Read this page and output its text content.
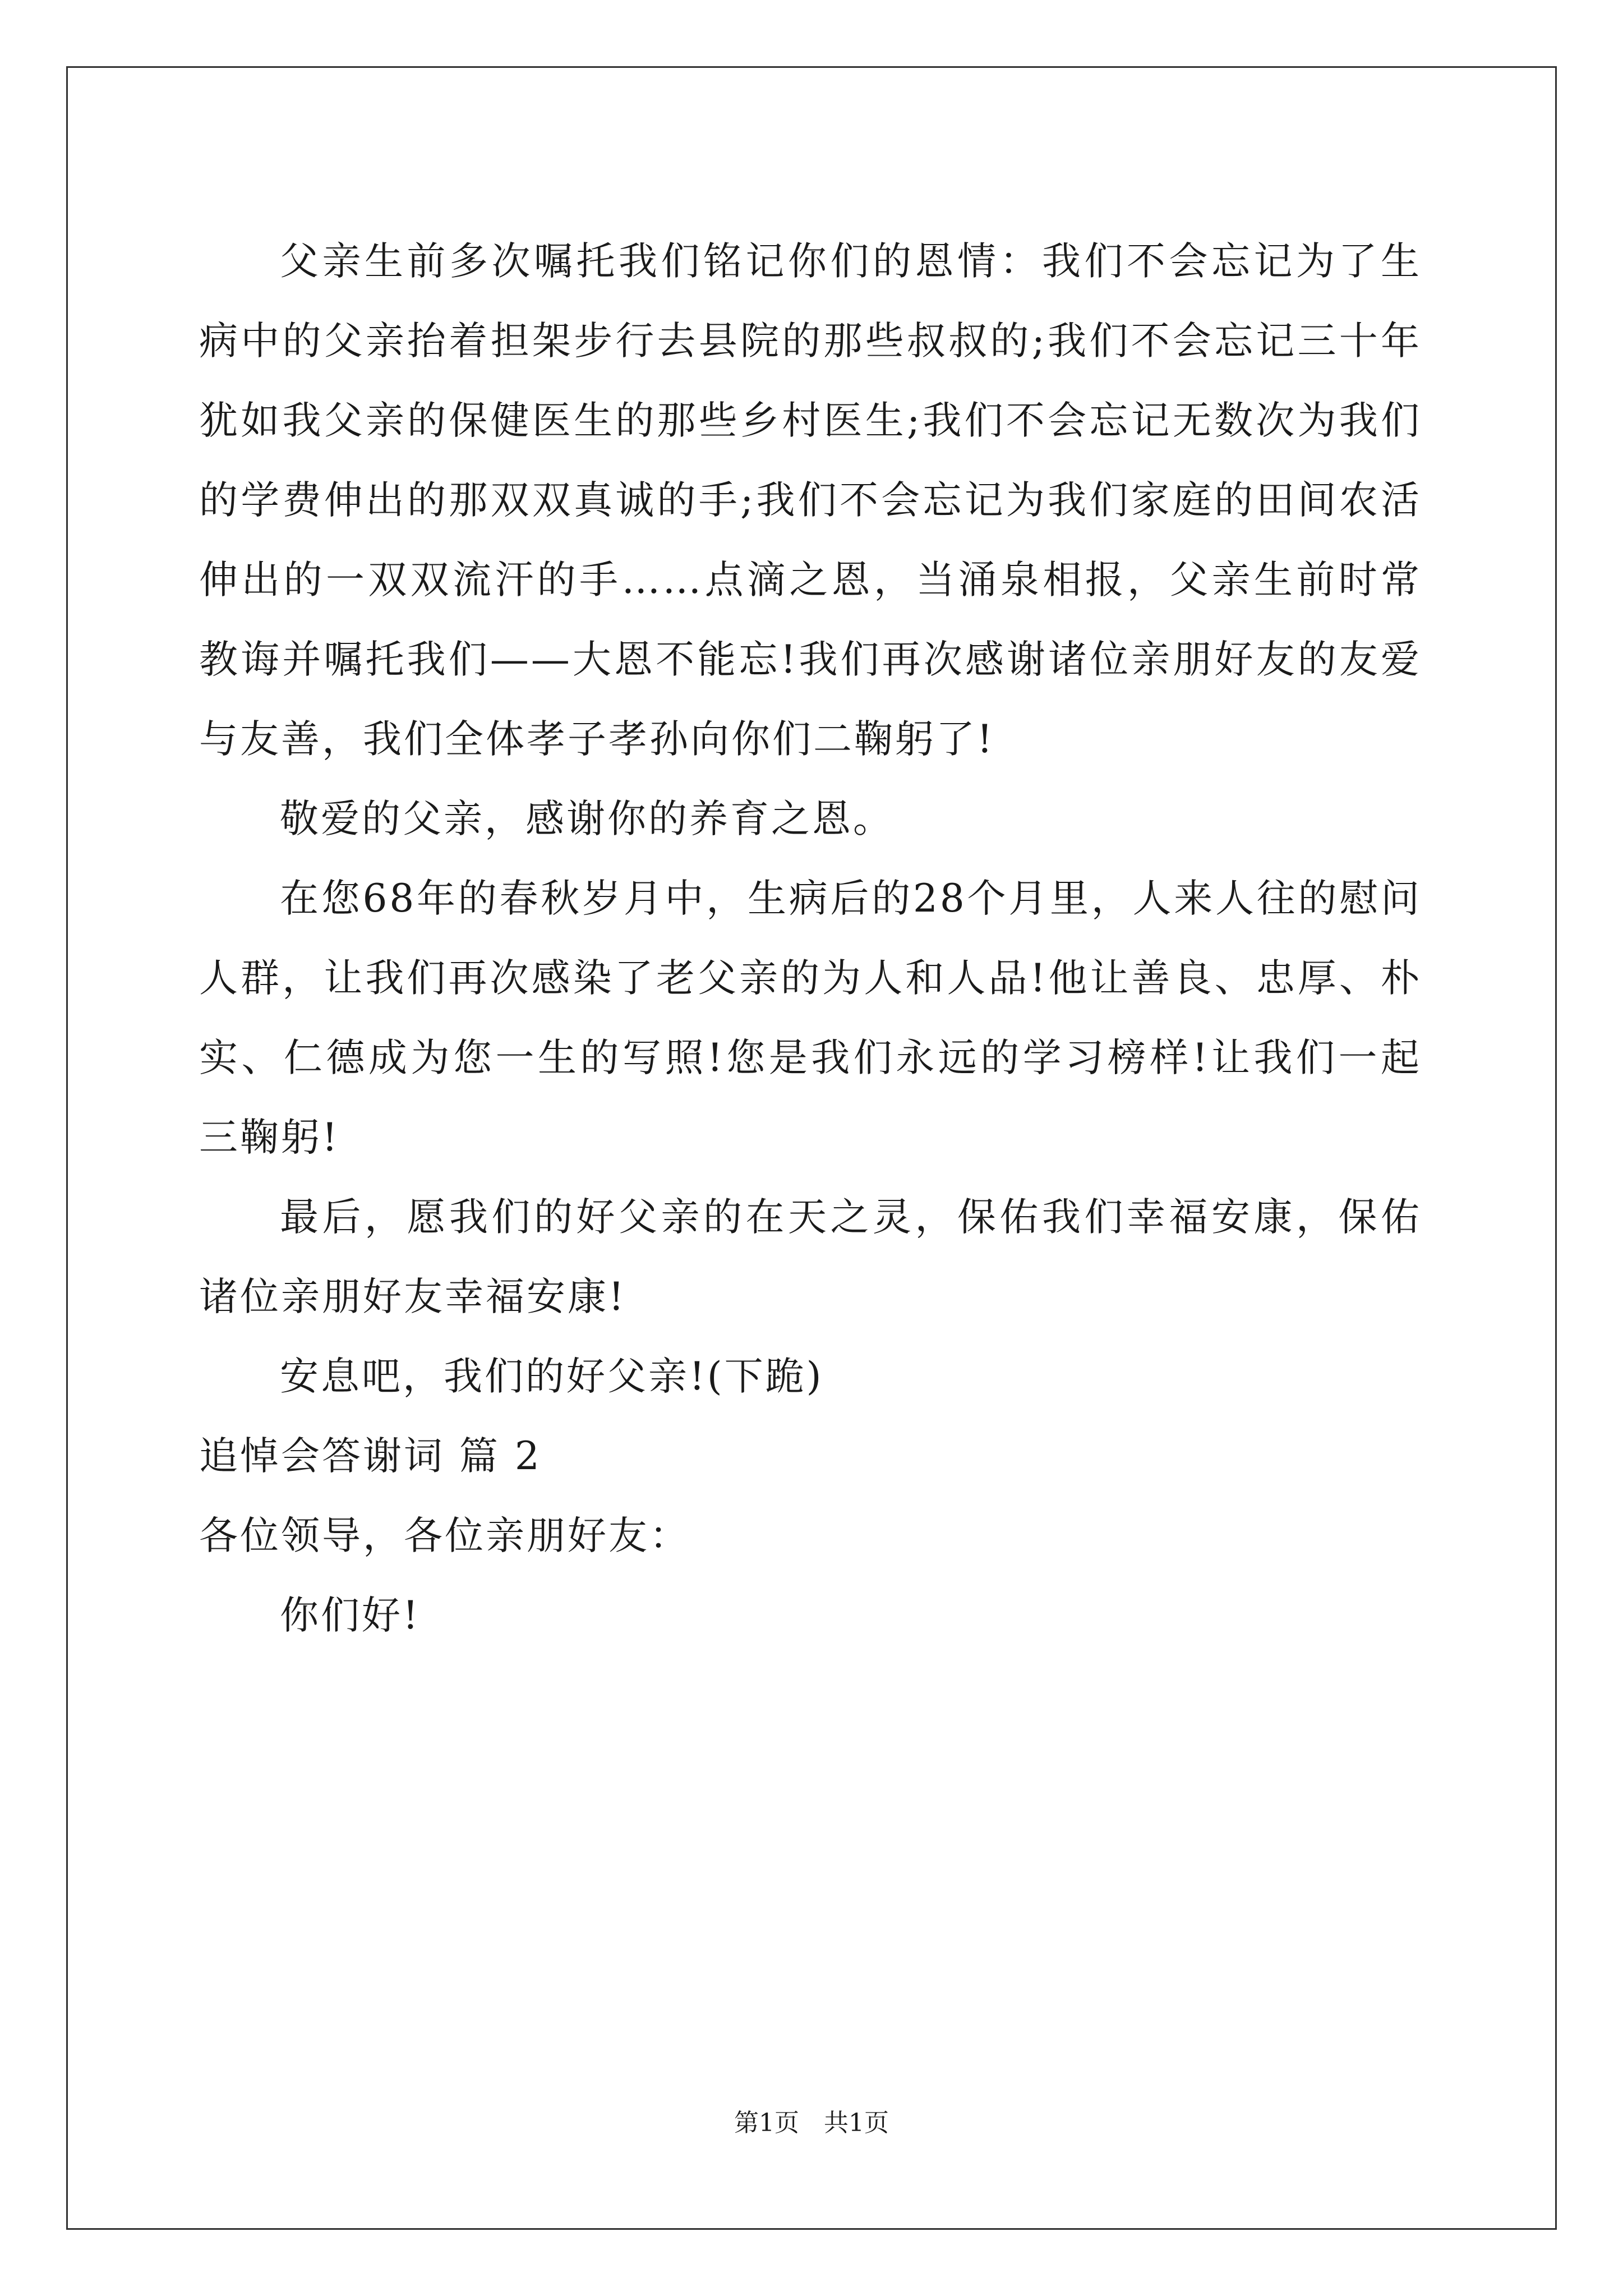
父亲生前多次嘱托我们铭记你们的恩情：我们不会忘记为了生病中的父亲抬着担架步行去县院的那些叔叔的;我们不会忘记三十年犹如我父亲的保健医生的那些乡村医生;我们不会忘记无数次为我们的学费伸出的那双双真诚的手;我们不会忘记为我们家庭的田间农活伸出的一双双流汗的手……点滴之恩，当涌泉相报，父亲生前时常教诲并嘱托我们——大恩不能忘!我们再次感谢诸位亲朋好友的友爱与友善，我们全体孝子孝孙向你们二鞠躬了!

敬爱的父亲，感谢你的养育之恩。

在您68年的春秋岁月中，生病后的28个月里，人来人往的慰问人群，让我们再次感染了老父亲的为人和人品!他让善良、忠厚、朴实、仁德成为您一生的写照!您是我们永远的学习榜样!让我们一起三鞠躬!

最后，愿我们的好父亲的在天之灵，保佑我们幸福安康，保佑诸位亲朋好友幸福安康!

安息吧，我们的好父亲!(下跪)

追悼会答谢词 篇 2

各位领导，各位亲朋好友：

你们好!

第1页 共1页
